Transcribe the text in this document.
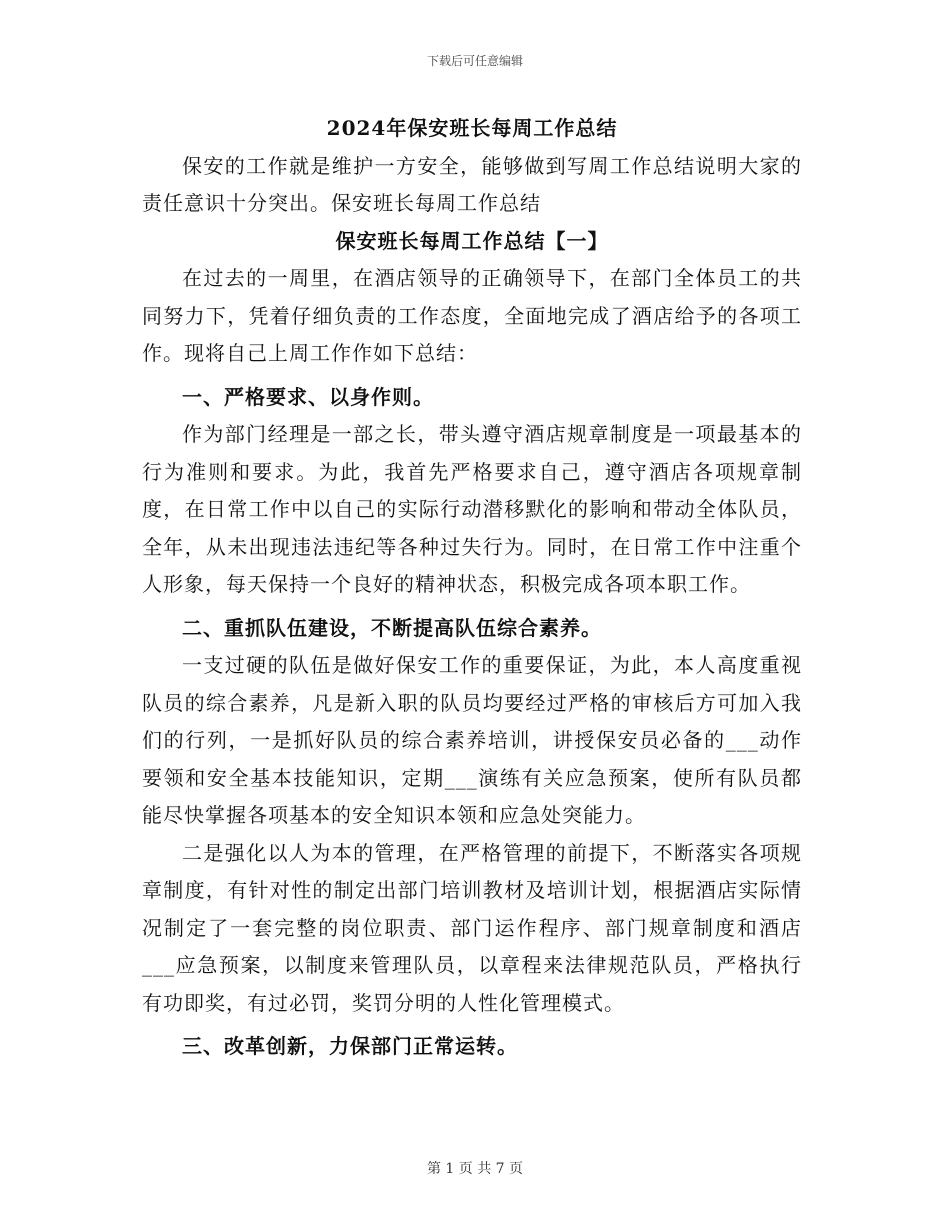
下载后可任意编辑
2024年保安班长每周工作总结

保安的工作就是维护一方安全，能够做到写周工作总结说明大家的责任意识十分突出。保安班长每周工作总结

保安班长每周工作总结【一】

在过去的一周里，在酒店领导的正确领导下，在部门全体员工的共同努力下，凭着仔细负责的工作态度，全面地完成了酒店给予的各项工作。现将自己上周工作作如下总结：

一、严格要求、以身作则。

作为部门经理是一部之长，带头遵守酒店规章制度是一项最基本的行为准则和要求。为此，我首先严格要求自己，遵守酒店各项规章制度，在日常工作中以自己的实际行动潜移默化的影响和带动全体队员，全年，从未出现违法违纪等各种过失行为。同时，在日常工作中注重个人形象，每天保持一个良好的精神状态，积极完成各项本职工作。

二、重抓队伍建设，不断提高队伍综合素养。

一支过硬的队伍是做好保安工作的重要保证，为此，本人高度重视队员的综合素养，凡是新入职的队员均要经过严格的审核后方可加入我们的行列，一是抓好队员的综合素养培训，讲授保安员必备的___动作要领和安全基本技能知识，定期___演练有关应急预案，使所有队员都能尽快掌握各项基本的安全知识本领和应急处突能力。

二是强化以人为本的管理，在严格管理的前提下，不断落实各项规章制度，有针对性的制定出部门培训教材及培训计划，根据酒店实际情况制定了一套完整的岗位职责、部门运作程序、部门规章制度和酒店___应急预案，以制度来管理队员，以章程来法律规范队员，严格执行有功即奖，有过必罚，奖罚分明的人性化管理模式。

三、改革创新，力保部门正常运转。
第 1 页 共 7 页
